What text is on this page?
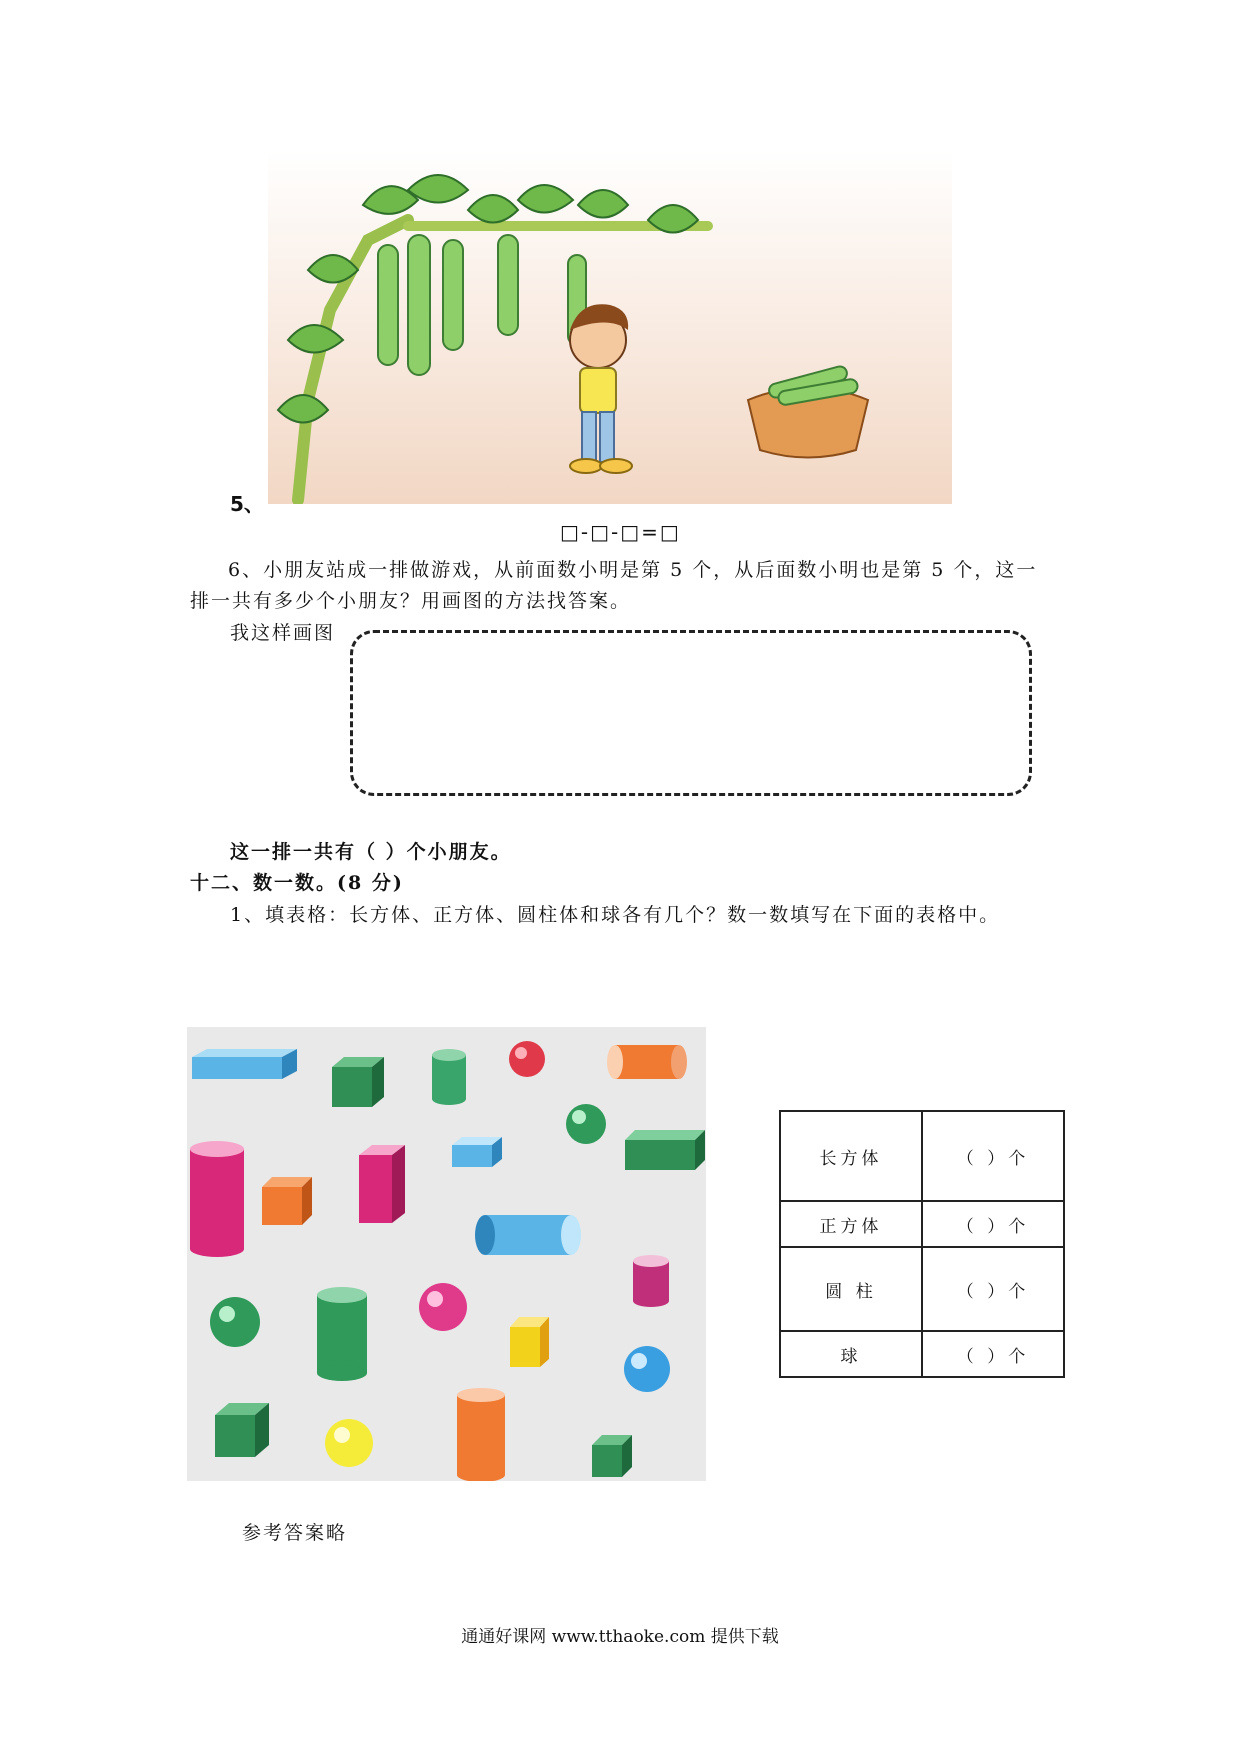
5、
□-□-□=□
6、小朋友站成一排做游戏，从前面数小明是第 5 个，从后面数小明也是第 5 个，这一
排一共有多少个小朋友？用画图的方法找答案。
我这样画图
这一排一共有（ ）个小朋友。
十二、数一数。(8 分)
1、填表格：长方体、正方体、圆柱体和球各有几个？数一数填写在下面的表格中。
长方体	（ ）个
正方体	（ ）个
圆 柱	（ ）个
球	（ ）个
参考答案略
通通好课网 www.tthaoke.com 提供下载
